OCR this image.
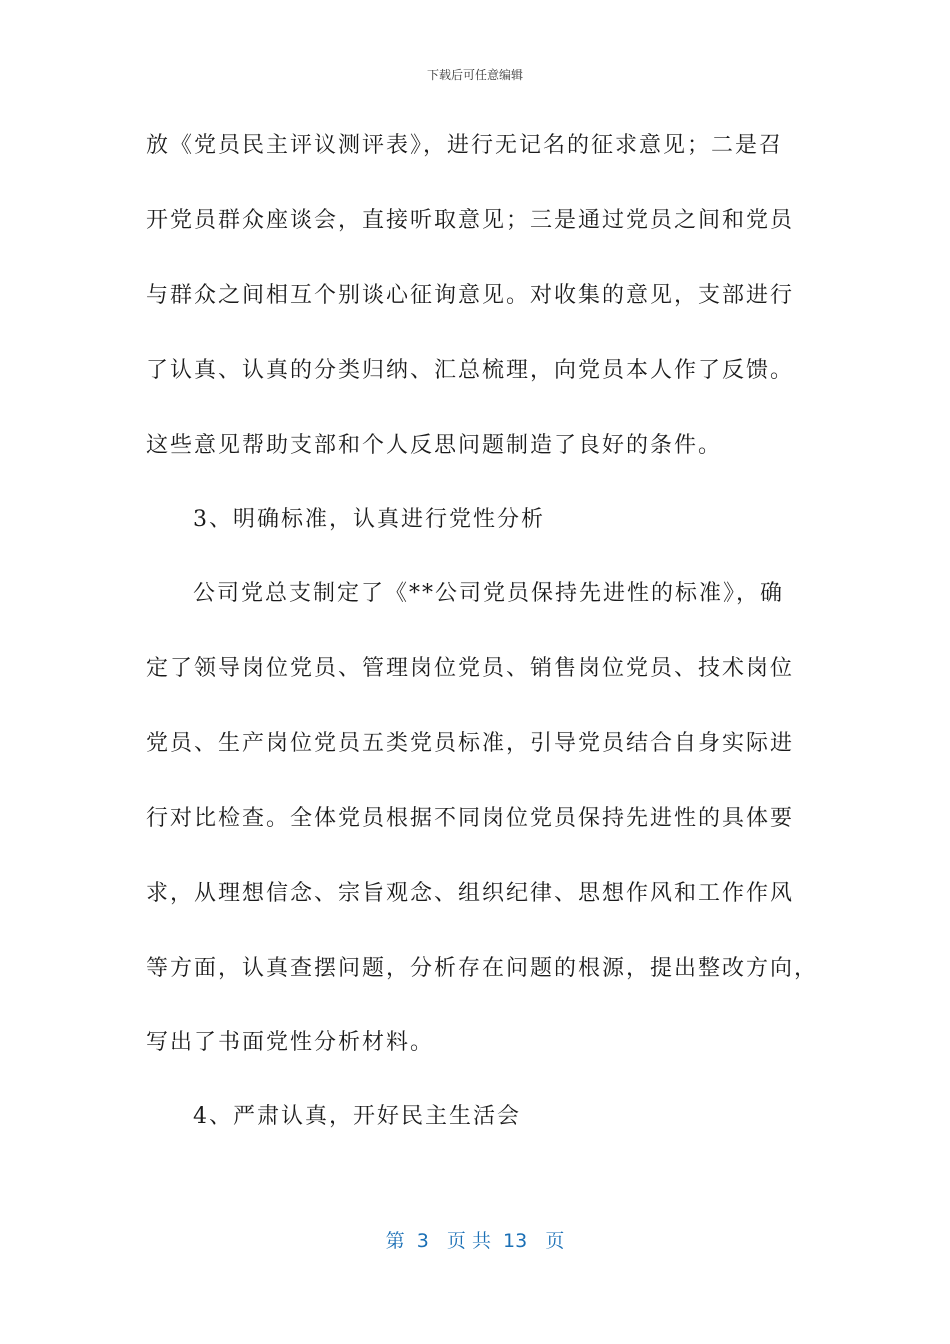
下载后可任意编辑
放《党员民主评议测评表》，进行无记名的征求意见；二是召
开党员群众座谈会，直接听取意见；三是通过党员之间和党员
与群众之间相互个别谈心征询意见。对收集的意见，支部进行
了认真、认真的分类归纳、汇总梳理，向党员本人作了反馈。
这些意见帮助支部和个人反思问题制造了良好的条件。
3、明确标准，认真进行党性分析
公司党总支制定了《**公司党员保持先进性的标准》，确
定了领导岗位党员、管理岗位党员、销售岗位党员、技术岗位
党员、生产岗位党员五类党员标准，引导党员结合自身实际进
行对比检查。全体党员根据不同岗位党员保持先进性的具体要
求，从理想信念、宗旨观念、组织纪律、思想作风和工作作风
等方面，认真查摆问题，分析存在问题的根源，提出整改方向，
写出了书面党性分析材料。
4、严肃认真，开好民主生活会
第  3   页 共  13   页
